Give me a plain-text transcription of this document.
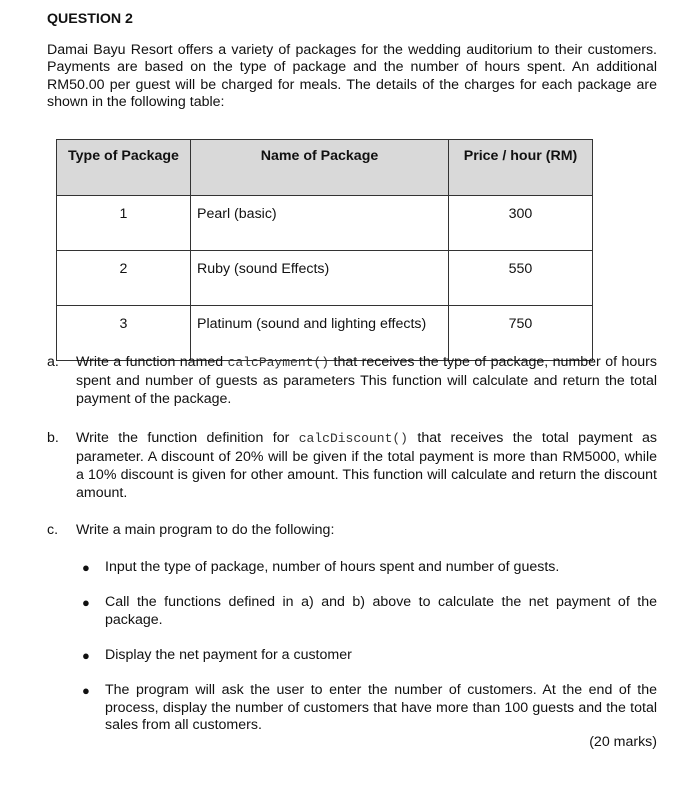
QUESTION 2
Damai Bayu Resort offers a variety of packages for the wedding auditorium to their customers. Payments are based on the type of package and the number of hours spent. An additional RM50.00 per guest will be charged for meals. The details of the charges for each package are shown in the following table:
Type of Package	Name of Package	Price / hour (RM)
1	Pearl (basic)	300
2	Ruby (sound Effects)	550
3	Platinum (sound and lighting effects)	750
a. Write a function named calcPayment() that receives the type of package, number of hours spent and number of guests as parameters This function will calculate and return the total payment of the package.
b. Write the function definition for calcDiscount() that receives the total payment as parameter. A discount of 20% will be given if the total payment is more than RM5000, while a 10% discount is given for other amount. This function will calculate and return the discount amount.
c. Write a main program to do the following:
● Input the type of package, number of hours spent and number of guests.
● Call the functions defined in a) and b) above to calculate the net payment of the package.
● Display the net payment for a customer
● The program will ask the user to enter the number of customers. At the end of the process, display the number of customers that have more than 100 guests and the total sales from all customers.
(20 marks)
